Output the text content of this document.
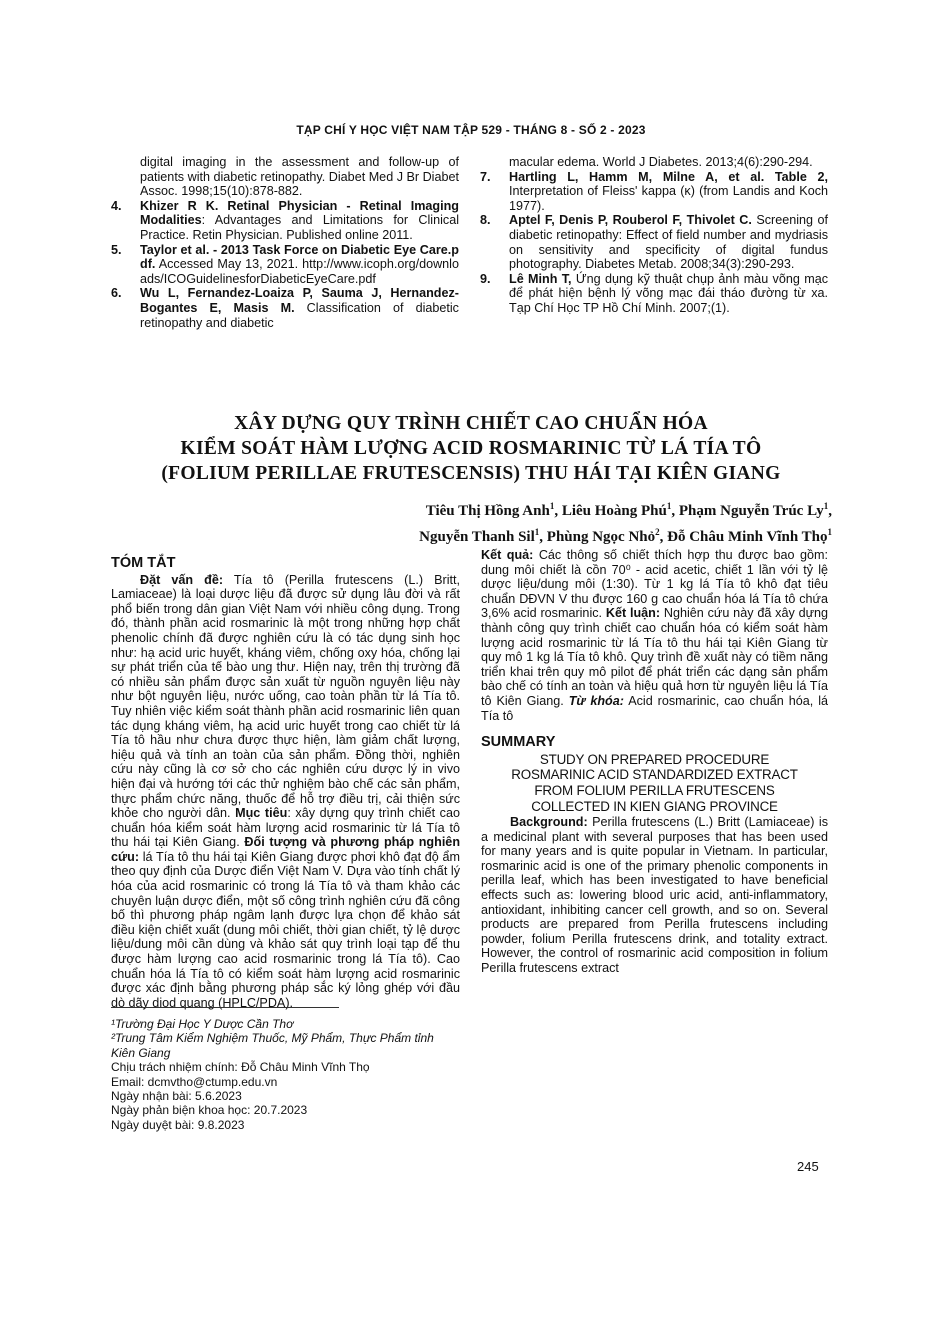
TẠP CHÍ Y HỌC VIỆT NAM TẬP 529 - THÁNG 8 - SỐ 2 - 2023
digital imaging in the assessment and follow-up of patients with diabetic retinopathy. Diabet Med J Br Diabet Assoc. 1998;15(10):878-882.
4.	Khizer R K. Retinal Physician - Retinal Imaging Modalities: Advantages and Limitations for Clinical Practice. Retin Physician. Published online 2011.
5.	Taylor et al. - 2013 Task Force on Diabetic Eye Care.pdf. Accessed May 13, 2021. http://www.icoph.org/downloads/ICOGuidelinesforDiabeticEyeCare.pdf
6.	Wu L, Fernandez-Loaiza P, Sauma J, Hernandez-Bogantes E, Masis M. Classification of diabetic retinopathy and diabetic
macular edema. World J Diabetes. 2013;4(6):290-294.
7.	Hartling L, Hamm M, Milne A, et al. Table 2, Interpretation of Fleiss' kappa (κ) (from Landis and Koch 1977).
8.	Aptel F, Denis P, Rouberol F, Thivolet C. Screening of diabetic retinopathy: Effect of field number and mydriasis on sensitivity and specificity of digital fundus photography. Diabetes Metab. 2008;34(3):290-293.
9.	Lê Minh T, Ứng dụng kỹ thuật chụp ảnh màu võng mạc để phát hiện bệnh lý võng mạc đái tháo đường từ xa. Tạp Chí Học TP Hồ Chí Minh. 2007;(1).
XÂY DỰNG QUY TRÌNH CHIẾT CAO CHUẨN HÓA
KIỂM SOÁT HÀM LƯỢNG ACID ROSMARINIC TỪ LÁ TÍA TÔ
(FOLIUM PERILLAE FRUTESCENSIS) THU HÁI TẠI KIÊN GIANG
Tiêu Thị Hồng Anh$^1$, Liêu Hoàng Phú$^1$, Phạm Nguyễn Trúc Ly$^1$,
Nguyễn Thanh Sil$^1$, Phùng Ngọc Nhỏ$^2$, Đỗ Châu Minh Vĩnh Thọ$^1$
TÓM TẮT

Đặt vấn đề: Tía tô (Perilla frutescens (L.) Britt, Lamiaceae) là loại dược liệu đã được sử dụng lâu đời và rất phổ biến trong dân gian Việt Nam với nhiều công dụng. Trong đó, thành phần acid rosmarinic là một trong những hợp chất phenolic chính đã được nghiên cứu là có tác dụng sinh học như: hạ acid uric huyết, kháng viêm, chống oxy hóa, chống lại sự phát triển của tế bào ung thư. Hiện nay, trên thị trường đã có nhiều sản phẩm được sản xuất từ nguồn nguyên liệu này như bột nguyên liệu, nước uống, cao toàn phần từ lá Tía tô. Tuy nhiên việc kiểm soát thành phần acid rosmarinic liên quan tác dụng kháng viêm, hạ acid uric huyết trong cao chiết từ lá Tía tô hầu như chưa được thực hiện, làm giảm chất lượng, hiệu quả và tính an toàn của sản phẩm. Đồng thời, nghiên cứu này cũng là cơ sở cho các nghiên cứu dược lý in vivo hiện đại và hướng tới các thử nghiệm bào chế các sản phẩm, thực phẩm chức năng, thuốc để hỗ trợ điều trị, cải thiện sức khỏe cho người dân. Mục tiêu: xây dựng quy trình chiết cao chuẩn hóa kiểm soát hàm lượng acid rosmarinic từ lá Tía tô thu hái tại Kiên Giang. Đối tượng và phương pháp nghiên cứu: lá Tía tô thu hái tại Kiên Giang được phơi khô đạt độ ẩm theo quy định của Dược điển Việt Nam V. Dựa vào tính chất lý hóa của acid rosmarinic có trong lá Tía tô và tham khảo các chuyên luận dược điển, một số công trình nghiên cứu đã công bố thì phương pháp ngâm lạnh được lựa chọn để khảo sát điều kiện chiết xuất (dung môi chiết, thời gian chiết, tỷ lệ dược liệu/dung môi cần dùng và khảo sát quy trình loại tạp để thu được hàm lượng cao acid rosmarinic trong lá Tía tô). Cao chuẩn hóa lá Tía tô có kiểm soát hàm lượng acid rosmarinic được xác định bằng phương pháp sắc ký lỏng ghép với đầu dò dãy diod quang (HPLC/PDA).

Kết quả: Các thông số chiết thích hợp thu được bao gồm: dung môi chiết là cồn 70⁰ - acid acetic, chiết 1 lần với tỷ lệ dược liệu/dung môi (1:30). Từ 1 kg lá Tía tô khô đạt tiêu chuẩn DĐVN V thu được 160 g cao chuẩn hóa lá Tía tô chứa 3,6% acid rosmarinic. Kết luận: Nghiên cứu này đã xây dựng thành công quy trình chiết cao chuẩn hóa có kiểm soát hàm lượng acid rosmarinic từ lá Tía tô thu hái tại Kiên Giang từ quy mô 1 kg lá Tía tô khô. Quy trình đề xuất này có tiềm năng triển khai trên quy mô pilot để phát triển các dạng sản phẩm bào chế có tính an toàn và hiệu quả hơn từ nguyên liệu lá Tía tô Kiên Giang. Từ khóa: Acid rosmarinic, cao chuẩn hóa, lá Tía tô

SUMMARY
STUDY ON PREPARED PROCEDURE
ROSMARINIC ACID STANDARDIZED EXTRACT
FROM FOLIUM PERILLA FRUTESCENS
COLLECTED IN KIEN GIANG PROVINCE

Background: Perilla frutescens (L.) Britt (Lamiaceae) is a medicinal plant with several purposes that has been used for many years and is quite popular in Vietnam. In particular, rosmarinic acid is one of the primary phenolic components in perilla leaf, which has been investigated to have beneficial effects such as: lowering blood uric acid, anti-inflammatory, antioxidant, inhibiting cancer cell growth, and so on. Several products are prepared from Perilla frutescens including powder, folium Perilla frutescens drink, and totality extract. However, the control of rosmarinic acid composition in folium Perilla frutescens extract

¹Trường Đại Học Y Dược Cần Thơ
²Trung Tâm Kiểm Nghiệm Thuốc, Mỹ Phẩm, Thực Phẩm tỉnh Kiên Giang
Chịu trách nhiệm chính: Đỗ Châu Minh Vĩnh Thọ
Email: dcmvtho@ctump.edu.vn
Ngày nhận bài: 5.6.2023
Ngày phản biện khoa học: 20.7.2023
Ngày duyệt bài: 9.8.2023
245
